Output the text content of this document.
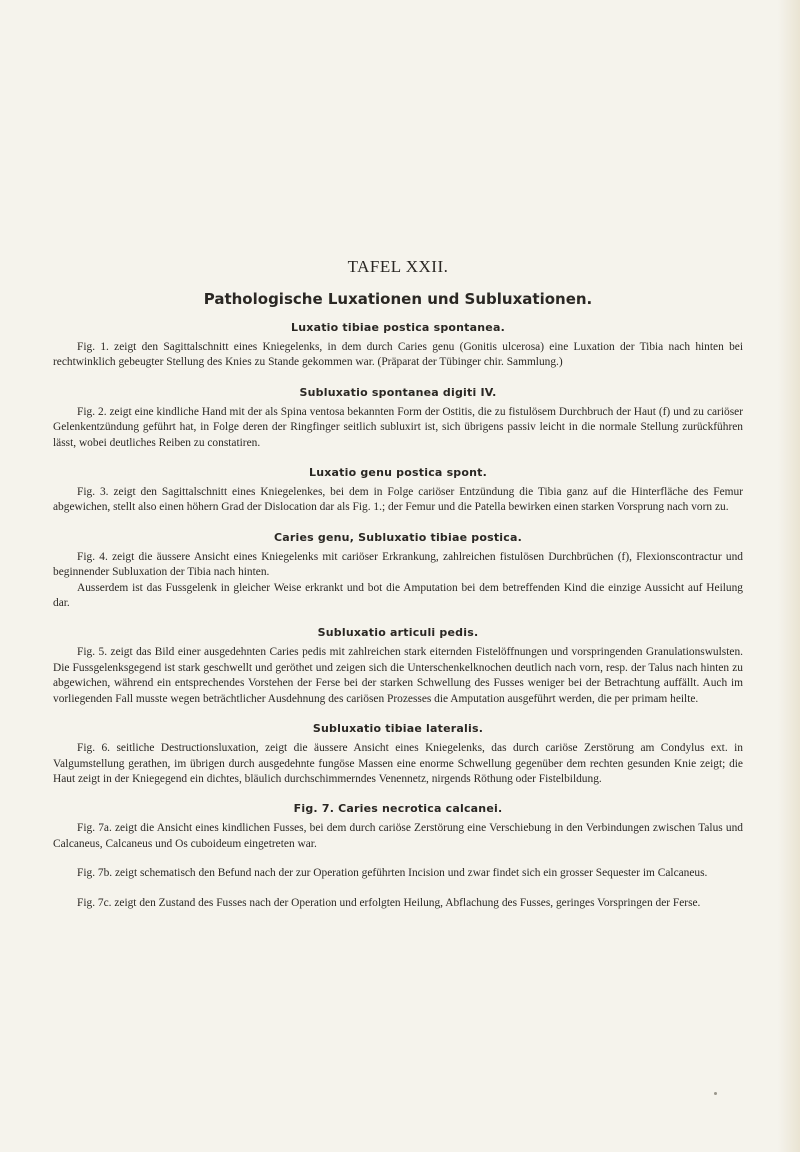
TAFEL XXII.
Pathologische Luxationen und Subluxationen.
Luxatio tibiae postica spontanea.

Fig. 1. zeigt den Sagittalschnitt eines Kniegelenks, in dem durch Caries genu (Gonitis ulcerosa) eine Luxation der Tibia nach hinten bei rechtwinklich gebeugter Stellung des Knies zu Stande gekommen war. (Präparat der Tübinger chir. Sammlung.)

Subluxatio spontanea digiti IV.

Fig. 2. zeigt eine kindliche Hand mit der als Spina ventosa bekannten Form der Ostitis, die zu fistulösem Durchbruch der Haut (f) und zu cariöser Gelenkentzündung geführt hat, in Folge deren der Ringfinger seitlich subluxirt ist, sich übrigens passiv leicht in die normale Stellung zurückführen lässt, wobei deutliches Reiben zu constatiren.

Luxatio genu postica spont.

Fig. 3. zeigt den Sagittalschnitt eines Kniegelenkes, bei dem in Folge cariöser Entzündung die Tibia ganz auf die Hinterfläche des Femur abgewichen, stellt also einen höhern Grad der Dislocation dar als Fig. 1.; der Femur und die Patella bewirken einen starken Vorsprung nach vorn zu.

Caries genu, Subluxatio tibiae postica.

Fig. 4. zeigt die äussere Ansicht eines Kniegelenks mit cariöser Erkrankung, zahlreichen fistulösen Durchbrüchen (f), Flexionscontractur und beginnender Subluxation der Tibia nach hinten.

Ausserdem ist das Fussgelenk in gleicher Weise erkrankt und bot die Amputation bei dem betreffenden Kind die einzige Aussicht auf Heilung dar.

Subluxatio articuli pedis.

Fig. 5. zeigt das Bild einer ausgedehnten Caries pedis mit zahlreichen stark eiternden Fistelöffnungen und vorspringenden Granulationswulsten. Die Fussgelenksgegend ist stark geschwellt und geröthet und zeigen sich die Unterschenkelknochen deutlich nach vorn, resp. der Talus nach hinten zu abgewichen, während ein entsprechendes Vorstehen der Ferse bei der starken Schwellung des Fusses weniger bei der Betrachtung auffällt. Auch im vorliegenden Fall musste wegen beträchtlicher Ausdehnung des cariösen Prozesses die Amputation ausgeführt werden, die per primam heilte.

Subluxatio tibiae lateralis.

Fig. 6. seitliche Destructionsluxation, zeigt die äussere Ansicht eines Kniegelenks, das durch cariöse Zerstörung am Condylus ext. in Valgumstellung gerathen, im übrigen durch ausgedehnte fungöse Massen eine enorme Schwellung gegenüber dem rechten gesunden Knie zeigt; die Haut zeigt in der Kniegegend ein dichtes, bläulich durchschimmerndes Venennetz, nirgends Röthung oder Fistelbildung.

Fig. 7. Caries necrotica calcanei.

Fig. 7a. zeigt die Ansicht eines kindlichen Fusses, bei dem durch cariöse Zerstörung eine Verschiebung in den Verbindungen zwischen Talus und Calcaneus, Calcaneus und Os cuboideum eingetreten war.

Fig. 7b. zeigt schematisch den Befund nach der zur Operation geführten Incision und zwar findet sich ein grosser Sequester im Calcaneus.

Fig. 7c. zeigt den Zustand des Fusses nach der Operation und erfolgten Heilung, Abflachung des Fusses, geringes Vorspringen der Ferse.
